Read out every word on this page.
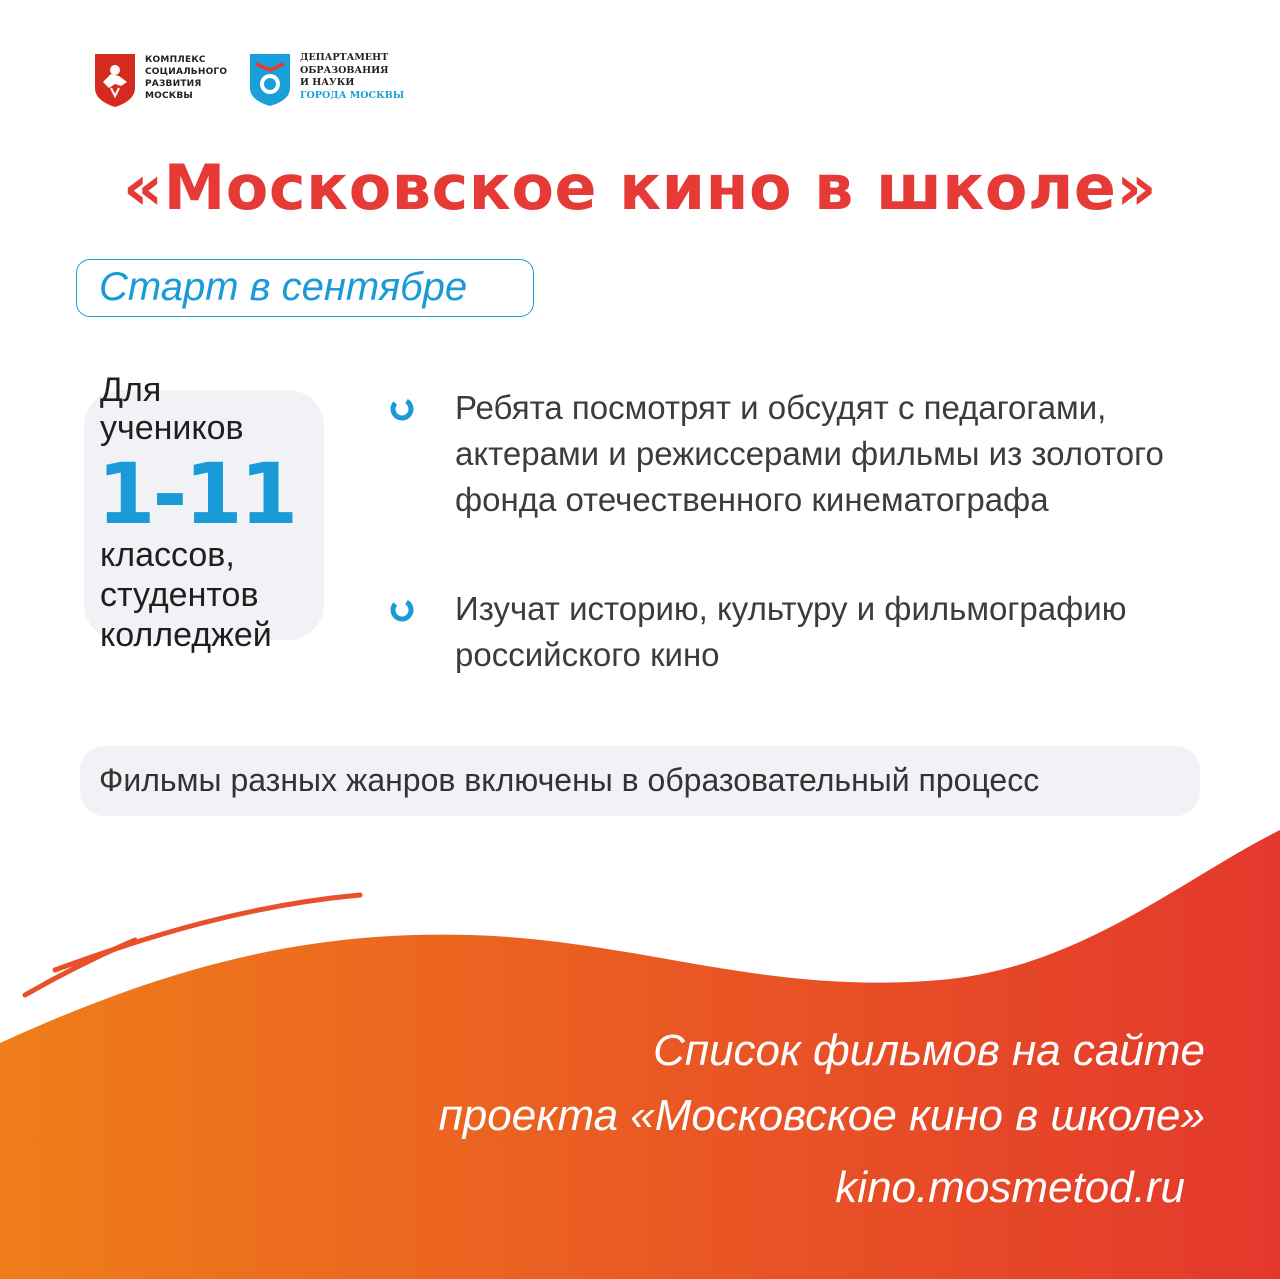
КОМПЛЕКС
СОЦИАЛЬНОГО
РАЗВИТИЯ
МОСКВЫ
ДЕПАРТАМЕНТ
ОБРАЗОВАНИЯ
И НАУКИ
ГОРОДА МОСКВЫ
«Московское кино в школе»
Старт в сентябре
Для
учеников
1-11
классов,
студентов
колледжей
Ребята посмотрят и обсудят с педагогами,
актерами и режиссерами фильмы из золотого
фонда отечественного кинематографа
Изучат историю, культуру и фильмографию
российского кино
Фильмы разных жанров включены в образовательный процесс
Список фильмов на сайте
проекта «Московское кино в школе»
kino.mosmetod.ru
